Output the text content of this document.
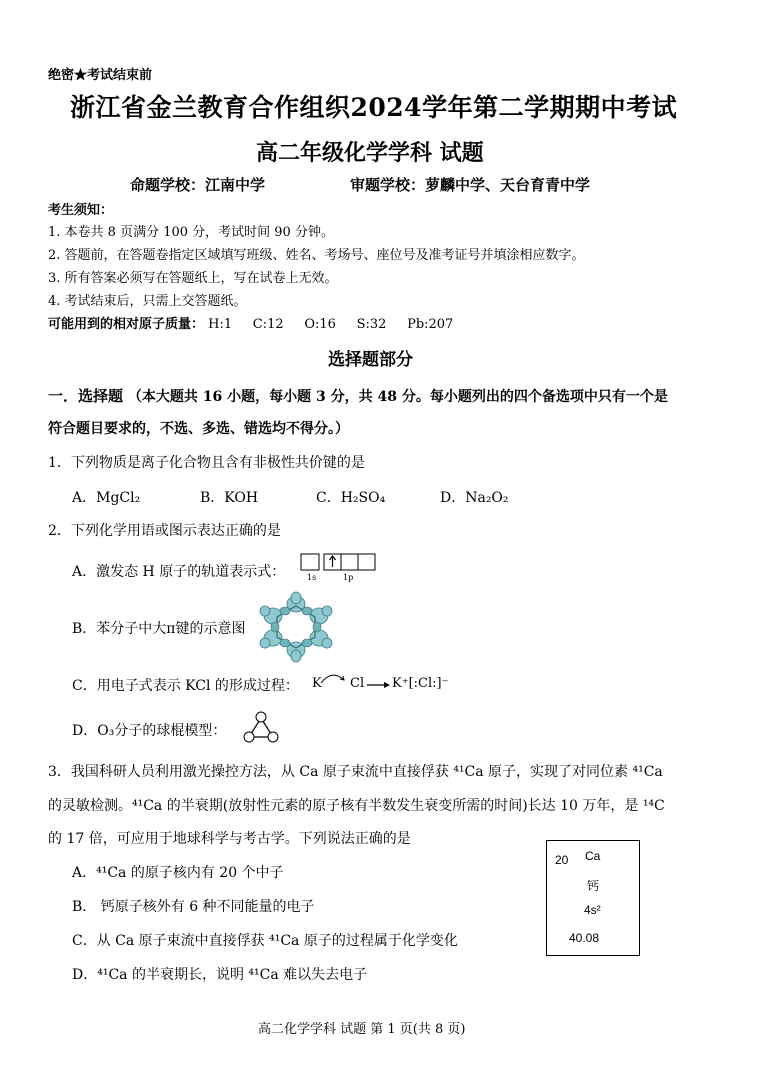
绝密★考试结束前
浙江省金兰教育合作组织2024学年第二学期期中考试
高二年级化学学科 试题
命题学校：江南中学	审题学校：萝麟中学、天台育青中学
考生须知：
1. 本卷共 8 页满分 100 分，考试时间 90 分钟。
2. 答题前，在答题卷指定区域填写班级、姓名、考场号、座位号及准考证号并填涂相应数字。
3. 所有答案必须写在答题纸上，写在试卷上无效。
4. 考试结束后，只需上交答题纸。
可能用到的相对原子质量： H:1     C:12     O:16     S:32     Pb:207
选择题部分
一．选择题 （本大题共 16 小题，每小题 3 分，共 48 分。每小题列出的四个备选项中只有一个是
符合题目要求的，不选、多选、错选均不得分。）
1．下列物质是离子化合物且含有非极性共价键的是
A．MgCl₂	B．KOH	C．H₂SO₄	D．Na₂O₂
2．下列化学用语或图示表达正确的是
A．激发态 H 原子的轨道表示式：	1s	1p
B．苯分子中大π键的示意图
C．用电子式表示 KCl 的形成过程： K Cl → K⁺[:Cl:]⁻
D．O₃分子的球棍模型：
3．我国科研人员利用激光操控方法，从 Ca 原子束流中直接俘获 ⁴¹Ca 原子，实现了对同位素 ⁴¹Ca
的灵敏检测。⁴¹Ca 的半衰期(放射性元素的原子核有半数发生衰变所需的时间)长达 10 万年，是 ¹⁴C
的 17 倍，可应用于地球科学与考古学。下列说法正确的是
A．⁴¹Ca 的原子核内有 20 个中子
B． 钙原子核外有 6 种不同能量的电子
C．从 Ca 原子束流中直接俘获 ⁴¹Ca 原子的过程属于化学变化
D．⁴¹Ca 的半衰期长，说明 ⁴¹Ca 难以失去电子
20 Ca
钙
4s²
40.08
高二化学学科 试题 第 1 页(共 8 页)
